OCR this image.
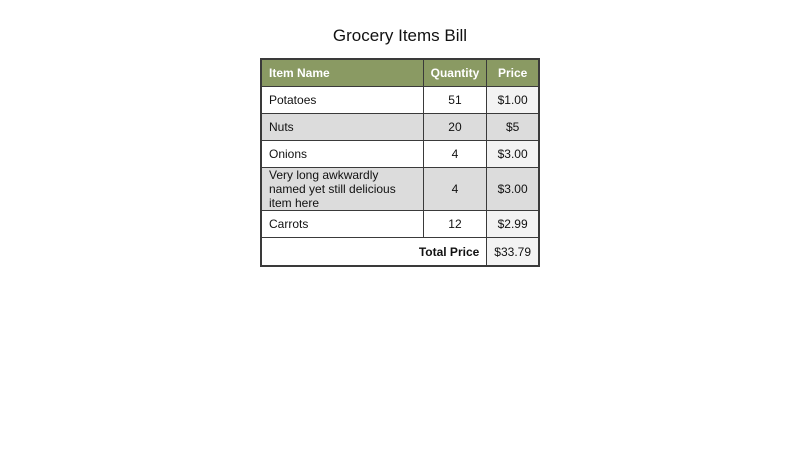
Grocery Items Bill
Item Name	Quantity	Price
Potatoes	51	$1.00
Nuts	20	$5
Onions	4	$3.00
Very long awkwardly named yet still delicious item here	4	$3.00
Carrots	12	$2.99
Total Price		$33.79
